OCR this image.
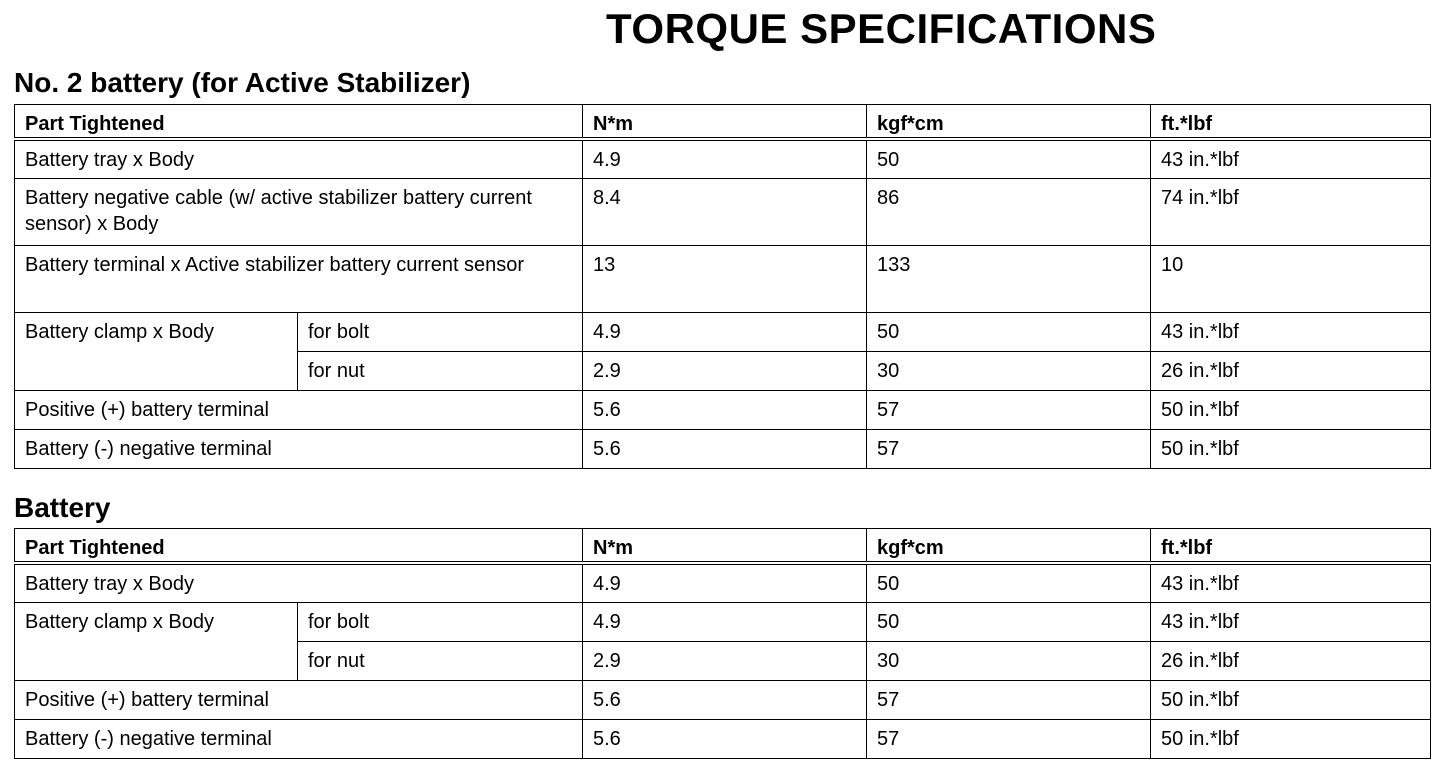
TORQUE SPECIFICATIONS
No. 2 battery (for Active Stabilizer)
Part Tightened		N*m	kgf*cm	ft.*lbf
Battery tray x Body		4.9	50	43 in.*lbf
Battery negative cable (w/ active stabilizer battery current sensor) x Body		8.4	86	74 in.*lbf
Battery terminal x Active stabilizer battery current sensor		13	133	10
Battery clamp x Body	for bolt	4.9	50	43 in.*lbf
	for nut	2.9	30	26 in.*lbf
Positive (+) battery terminal		5.6	57	50 in.*lbf
Battery (-) negative terminal		5.6	57	50 in.*lbf
Battery
Part Tightened		N*m	kgf*cm	ft.*lbf
Battery tray x Body		4.9	50	43 in.*lbf
Battery clamp x Body	for bolt	4.9	50	43 in.*lbf
	for nut	2.9	30	26 in.*lbf
Positive (+) battery terminal		5.6	57	50 in.*lbf
Battery (-) negative terminal		5.6	57	50 in.*lbf
